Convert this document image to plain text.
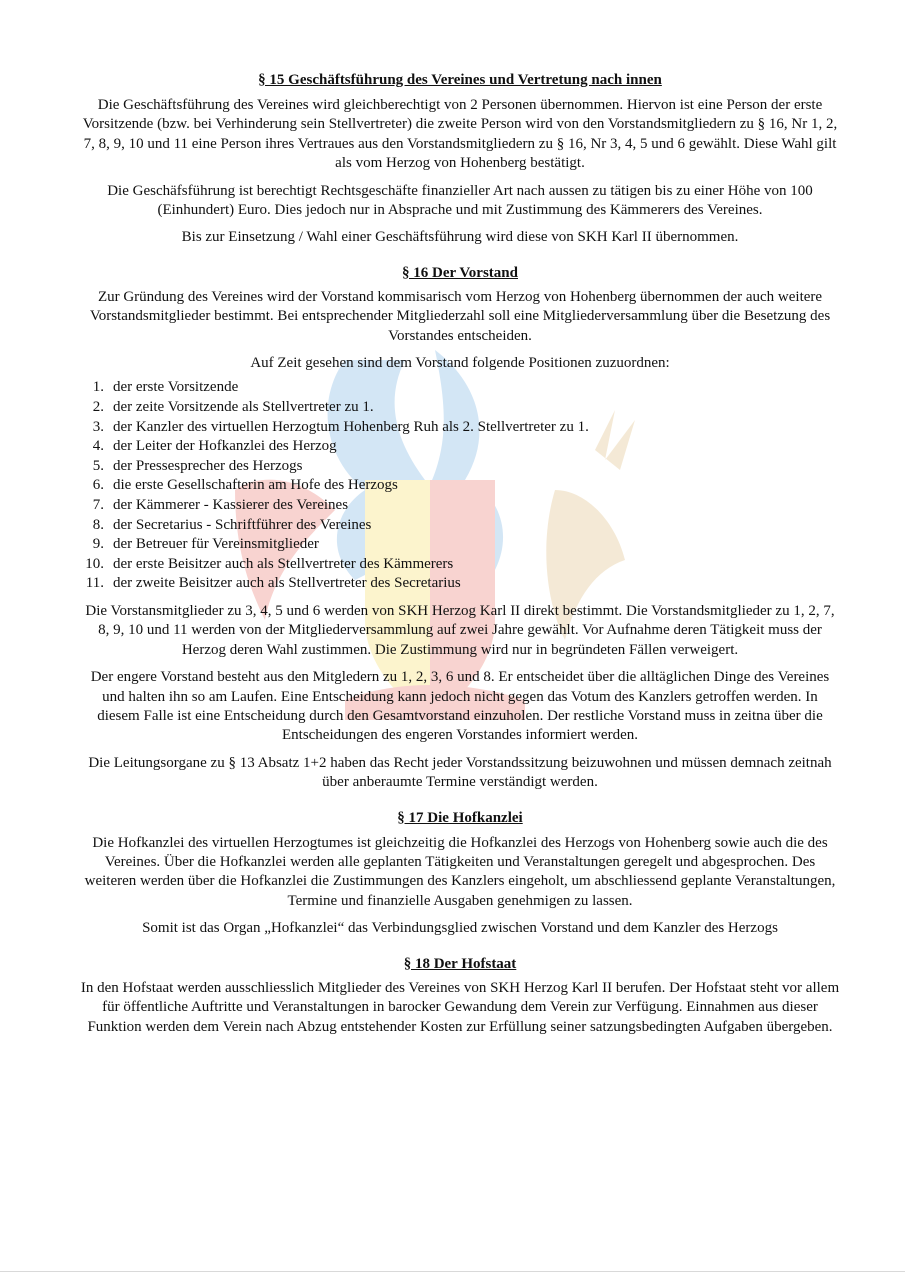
§ 15 Geschäftsführung des Vereines und Vertretung nach innen

Die Geschäftsführung des Vereines wird gleichberechtigt von 2 Personen übernommen. Hiervon ist eine Person der erste Vorsitzende (bzw. bei Verhinderung sein Stellvertreter) die zweite Person wird von den Vorstandsmitgliedern zu § 16, Nr 1, 2, 7, 8, 9, 10 und 11 eine Person ihres Vertraues aus den Vorstandsmitgliedern zu § 16, Nr 3, 4, 5 und 6 gewählt. Diese Wahl gilt als vom Herzog von Hohenberg bestätigt.

Die Geschäfsführung ist berechtigt Rechtsgeschäfte finanzieller Art nach aussen zu tätigen bis zu einer Höhe von 100 (Einhundert) Euro. Dies jedoch nur in Absprache und mit Zustimmung des Kämmerers des Vereines.

Bis zur Einsetzung / Wahl einer Geschäftsführung wird diese von SKH Karl II übernommen.

§ 16 Der Vorstand

Zur Gründung des Vereines wird der Vorstand kommisarisch vom Herzog von Hohenberg übernommen der auch weitere Vorstandsmitglieder bestimmt. Bei entsprechender Mitgliederzahl soll eine Mitgliederversammlung über die Besetzung des Vorstandes entscheiden.

Auf Zeit gesehen sind dem Vorstand folgende Positionen zuzuordnen:

1. der erste Vorsitzende
2. der zeite Vorsitzende als Stellvertreter zu 1.
3. der Kanzler des virtuellen Herzogtum Hohenberg Ruh als 2. Stellvertreter zu 1.
4. der Leiter der Hofkanzlei des Herzog
5. der Pressesprecher des Herzogs
6. die erste Gesellschafterin am Hofe des Herzogs
7. der Kämmerer - Kassierer des Vereines
8. der Secretarius - Schriftführer des Vereines
9. der Betreuer für Vereinsmitglieder
10. der erste Beisitzer auch als Stellvertreter des Kämmerers
11. der zweite Beisitzer auch als Stellvertreter des Secretarius

Die Vorstansmitglieder zu 3, 4, 5 und 6 werden von SKH Herzog Karl II direkt bestimmt. Die Vorstandsmitglieder zu 1, 2, 7, 8, 9, 10 und 11 werden von der Mitgliederversammlung auf zwei Jahre gewählt. Vor Aufnahme deren Tätigkeit muss der Herzog deren Wahl zustimmen. Die Zustimmung wird nur in begründeten Fällen verweigert.

Der engere Vorstand besteht aus den Mitgledern zu 1, 2, 3, 6 und 8. Er entscheidet über die alltäglichen Dinge des Vereines und halten ihn so am Laufen. Eine Entscheidung kann jedoch nicht gegen das Votum des Kanzlers getroffen werden. In diesem Falle ist eine Entscheidung durch den Gesamtvorstand einzuholen. Der restliche Vorstand muss in zeitna über die Entscheidungen des engeren Vorstandes informiert werden.

Die Leitungsorgane zu § 13 Absatz 1+2 haben das Recht jeder Vorstandssitzung beizuwohnen und müssen demnach zeitnah über anberaumte Termine verständigt werden.

§ 17 Die Hofkanzlei

Die Hofkanzlei des virtuellen Herzogtumes ist gleichzeitig die Hofkanzlei des Herzogs von Hohenberg sowie auch die des Vereines. Über die Hofkanzlei werden alle geplanten Tätigkeiten und Veranstaltungen geregelt und abgesprochen. Des weiteren werden über die Hofkanzlei die Zustimmungen des Kanzlers eingeholt, um abschliessend geplante Veranstaltungen, Termine und finanzielle Ausgaben genehmigen zu lassen.

Somit ist das Organ „Hofkanzlei“ das Verbindungsglied zwischen Vorstand und dem Kanzler des Herzogs

§ 18 Der Hofstaat

In den Hofstaat werden ausschliesslich Mitglieder des Vereines von SKH Herzog Karl II berufen. Der Hofstaat steht vor allem für öffentliche Auftritte und Veranstaltungen in barocker Gewandung dem Verein zur Verfügung. Einnahmen aus dieser Funktion werden dem Verein nach Abzug entstehender Kosten zur Erfüllung seiner satzungsbedingten Aufgaben übergeben.
